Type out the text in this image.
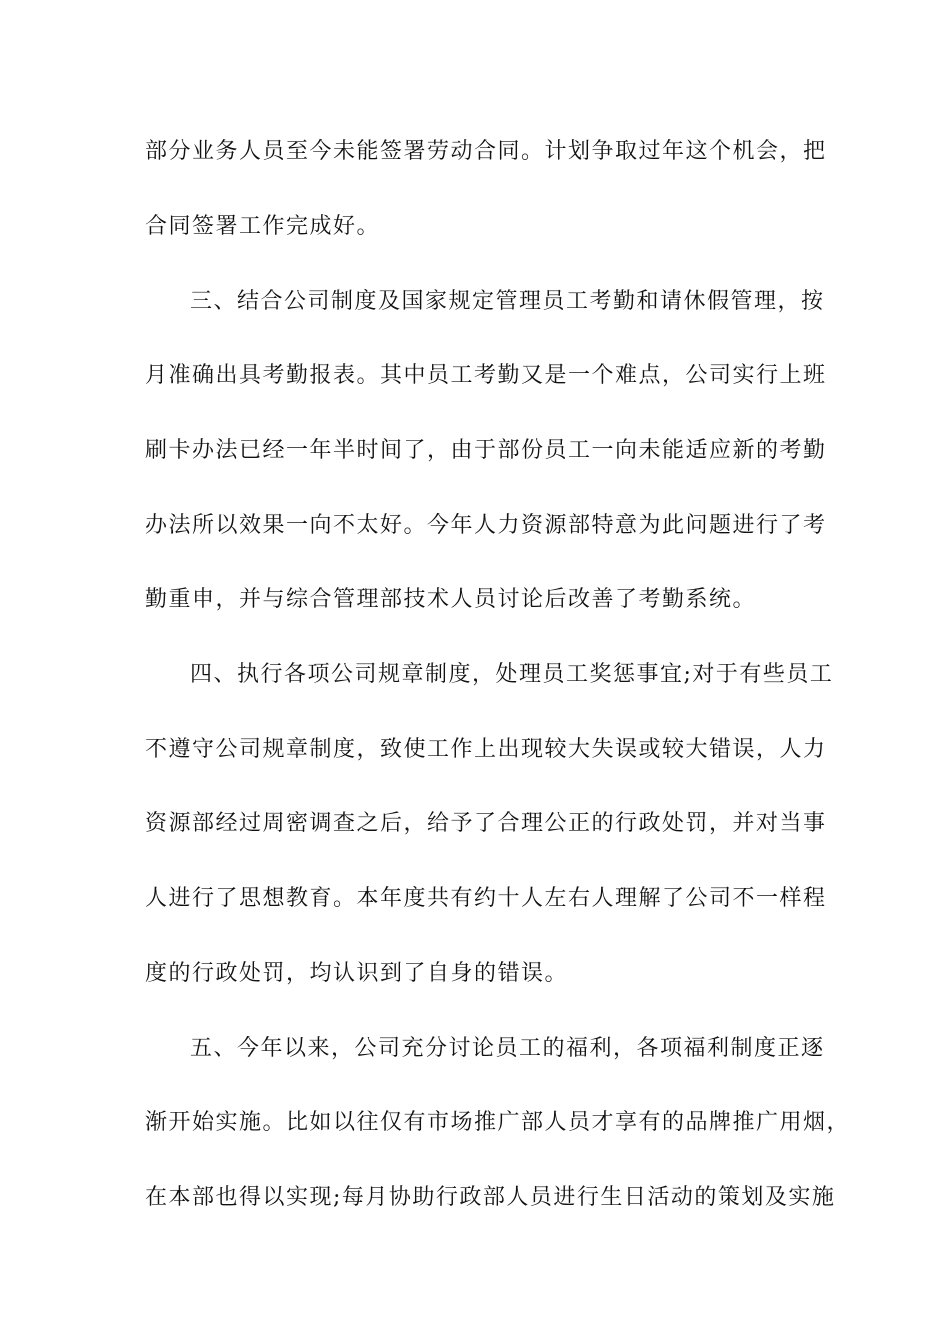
部分业务人员至今未能签署劳动合同。计划争取过年这个机会，把
合同签署工作完成好。
三、结合公司制度及国家规定管理员工考勤和请休假管理，按
月准确出具考勤报表。其中员工考勤又是一个难点，公司实行上班
刷卡办法已经一年半时间了，由于部份员工一向未能适应新的考勤
办法所以效果一向不太好。今年人力资源部特意为此问题进行了考
勤重申，并与综合管理部技术人员讨论后改善了考勤系统。
四、执行各项公司规章制度，处理员工奖惩事宜;对于有些员工
不遵守公司规章制度，致使工作上出现较大失误或较大错误，人力
资源部经过周密调查之后，给予了合理公正的行政处罚，并对当事
人进行了思想教育。本年度共有约十人左右人理解了公司不一样程
度的行政处罚，均认识到了自身的错误。
五、今年以来，公司充分讨论员工的福利，各项福利制度正逐
渐开始实施。比如以往仅有市场推广部人员才享有的品牌推广用烟，
在本部也得以实现;每月协助行政部人员进行生日活动的策划及实施
